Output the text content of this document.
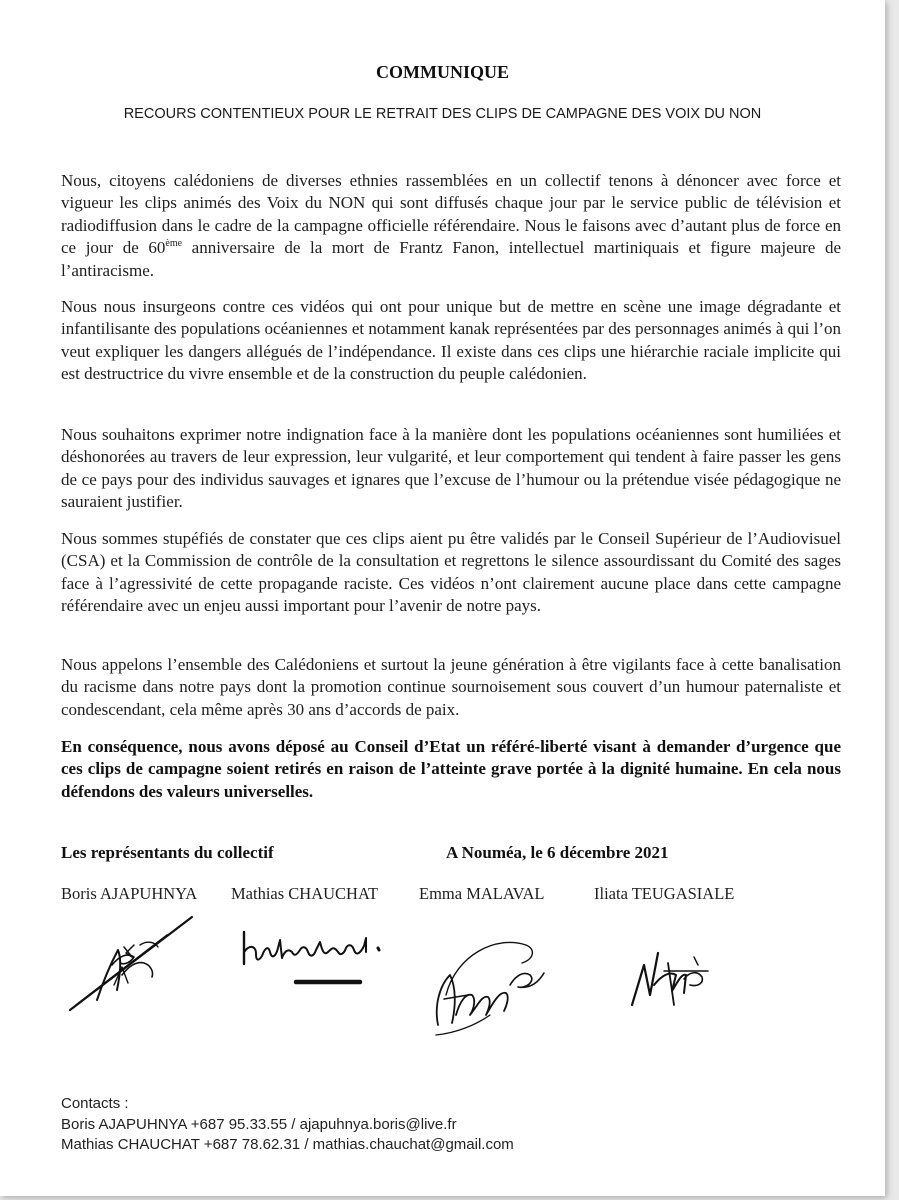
COMMUNIQUE
RECOURS CONTENTIEUX POUR LE RETRAIT DES CLIPS DE CAMPAGNE DES VOIX DU NON

Nous, citoyens calédoniens de diverses ethnies rassemblées en un collectif tenons à dénoncer avec force et vigueur les clips animés des Voix du NON qui sont diffusés chaque jour par le service public de télévision et radiodiffusion dans le cadre de la campagne officielle référendaire. Nous le faisons avec d’autant plus de force en ce jour de 60ème anniversaire de la mort de Frantz Fanon, intellectuel martiniquais et figure majeure de l’antiracisme.

Nous nous insurgeons contre ces vidéos qui ont pour unique but de mettre en scène une image dégradante et infantilisante des populations océaniennes et notamment kanak représentées par des personnages animés à qui l’on veut expliquer les dangers allégués de l’indépendance. Il existe dans ces clips une hiérarchie raciale implicite qui est destructrice du vivre ensemble et de la construction du peuple calédonien.

Nous souhaitons exprimer notre indignation face à la manière dont les populations océaniennes sont humiliées et déshonorées au travers de leur expression, leur vulgarité, et leur comportement qui tendent à faire passer les gens de ce pays pour des individus sauvages et ignares que l’excuse de l’humour ou la prétendue visée pédagogique ne sauraient justifier.

Nous sommes stupéfiés de constater que ces clips aient pu être validés par le Conseil Supérieur de l’Audiovisuel (CSA) et la Commission de contrôle de la consultation et regrettons le silence assourdissant du Comité des sages face à l’agressivité de cette propagande raciste. Ces vidéos n’ont clairement aucune place dans cette campagne référendaire avec un enjeu aussi important pour l’avenir de notre pays.

Nous appelons l’ensemble des Calédoniens et surtout la jeune génération à être vigilants face à cette banalisation du racisme dans notre pays dont la promotion continue sournoisement sous couvert d’un humour paternaliste et condescendant, cela même après 30 ans d’accords de paix.

En conséquence, nous avons déposé au Conseil d’Etat un référé-liberté visant à demander d’urgence que ces clips de campagne soient retirés en raison de l’atteinte grave portée à la dignité humaine. En cela nous défendons des valeurs universelles.

Les représentants du collectif	A Nouméa, le 6 décembre 2021
Boris AJAPUHNYA Mathias CHAUCHAT Emma MALAVAL	Iliata TEUGASIALE
Contacts :
Boris AJAPUHNYA +687 95.33.55 / ajapuhnya.boris@live.fr
Mathias CHAUCHAT +687 78.62.31 / mathias.chauchat@gmail.com
